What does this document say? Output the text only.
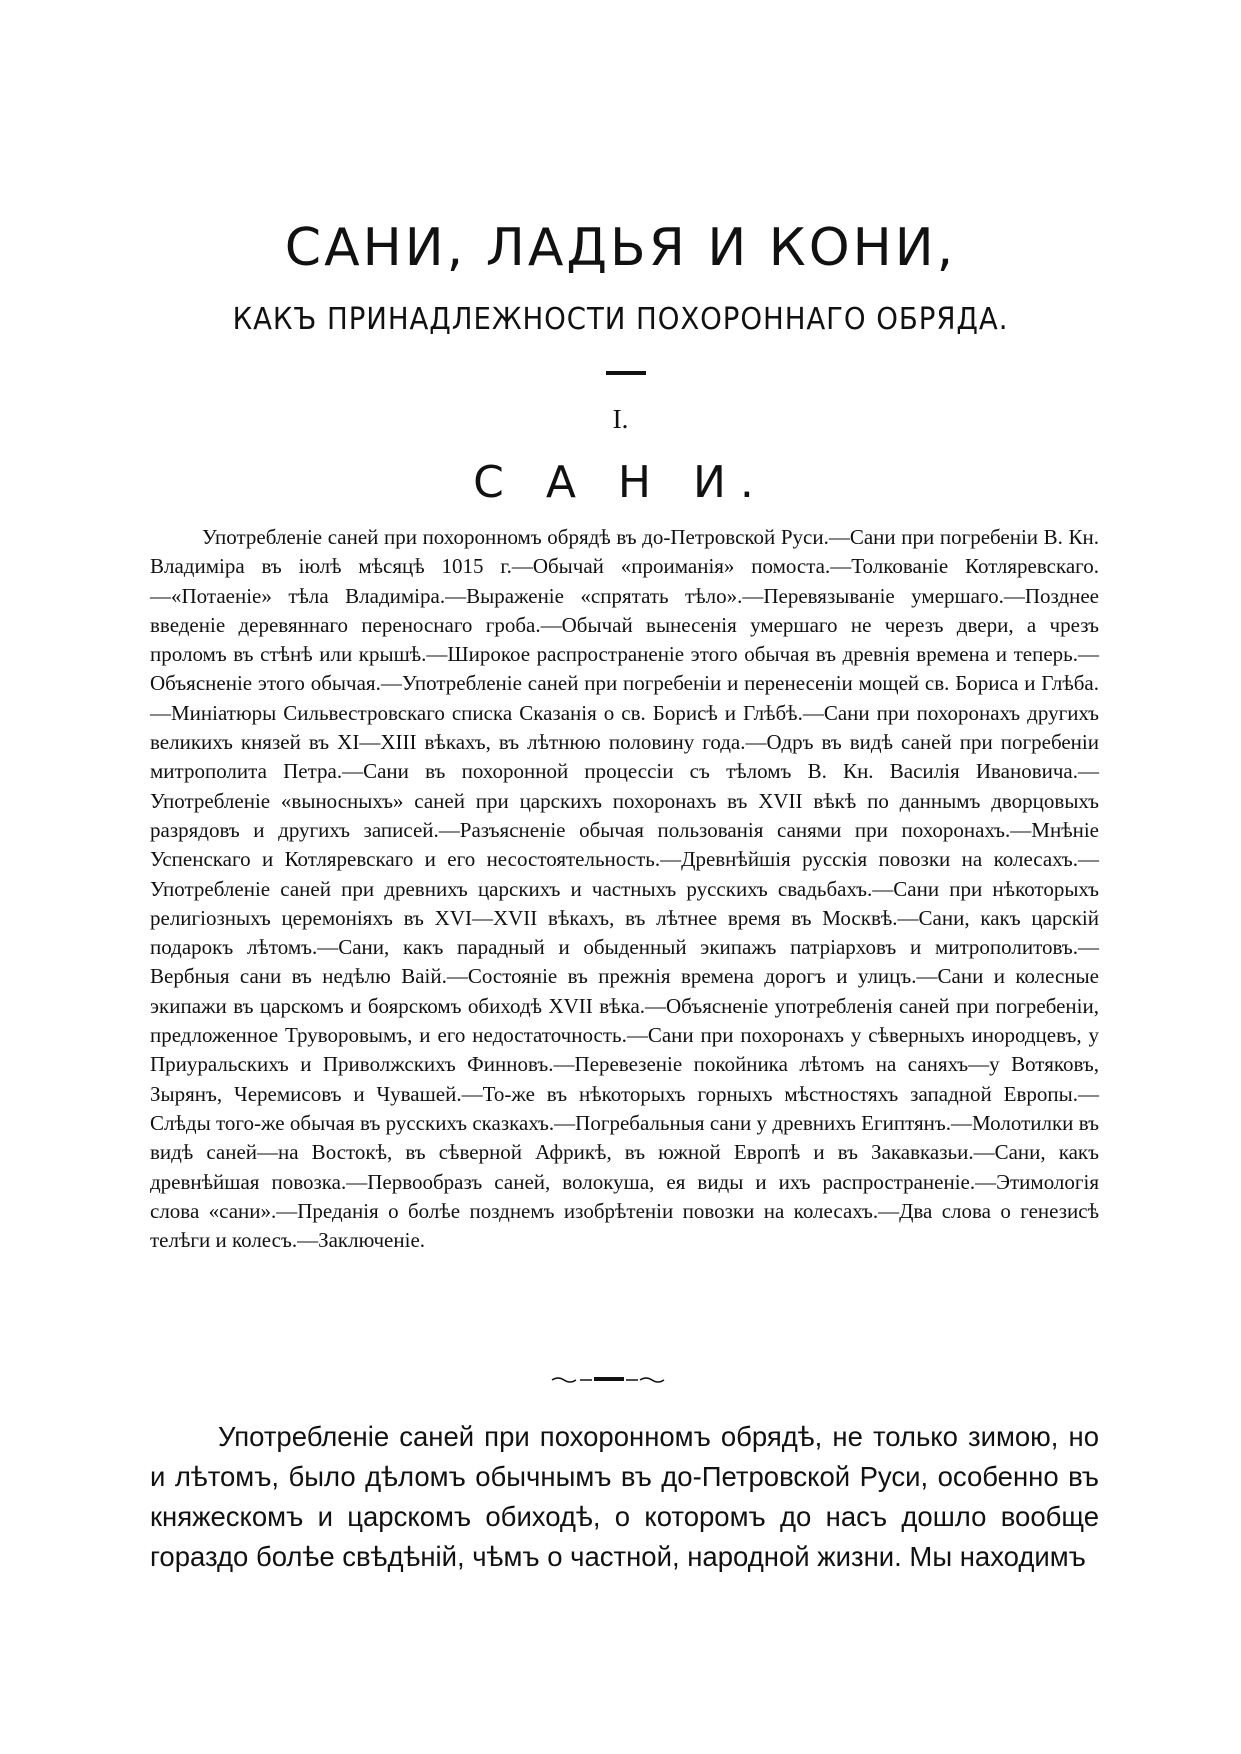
САНИ, ЛАДЬЯ И КОНИ,
КАКЪ ПРИНАДЛЕЖНОСТИ ПОХОРОННАГО ОБРЯДА.
I.
С А Н И.

Употребленіе саней при похоронномъ обрядѣ въ до-Петровской Руси.—Сани при погребеніи В. Кн. Владиміра въ іюлѣ мѣсяцѣ 1015 г.—Обычай «проиманія» помоста.—Толкованіе Котляревскаго.—«Потаеніе» тѣла Владиміра.—Выраженіе «спрятать тѣло».—Перевязываніе умершаго.—Позднее введеніе деревяннаго переноснаго гроба.—Обычай вынесенія умершаго не черезъ двери, а чрезъ проломъ въ стѣнѣ или крышѣ.—Широкое распространеніе этого обычая въ древнія времена и теперь.—Объясненіе этого обычая.—Употребленіе саней при погребеніи и перенесеніи мощей св. Бориса и Глѣба.—Миніатюры Сильвестровскаго списка Сказанія о св. Борисѣ и Глѣбѣ.—Сани при похоронахъ другихъ великихъ князей въ XI—XIII вѣкахъ, въ лѣтнюю половину года.—Одръ въ видѣ саней при погребеніи митрополита Петра.—Сани въ похоронной процессіи съ тѣломъ В. Кн. Василія Ивановича.—Употребленіе «выносныхъ» саней при царскихъ похоронахъ въ XVII вѣкѣ по даннымъ дворцовыхъ разрядовъ и другихъ записей.—Разъясненіе обычая пользованія санями при похоронахъ.—Мнѣніе Успенскаго и Котляревскаго и его несостоятельность.—Древнѣйшія русскія повозки на колесахъ.—Употребленіе саней при древнихъ царскихъ и частныхъ русскихъ свадьбахъ.—Сани при нѣкоторыхъ религіозныхъ церемоніяхъ въ XVI—XVII вѣкахъ, въ лѣтнее время въ Москвѣ.—Сани, какъ царскій подарокъ лѣтомъ.—Сани, какъ парадный и обыденный экипажъ патріарховъ и митрополитовъ.—Вербныя сани въ недѣлю Ваій.—Состояніе въ прежнія времена дорогъ и улицъ.—Сани и колесные экипажи въ царскомъ и боярскомъ обиходѣ XVII вѣка.—Объясненіе употребленія саней при погребеніи, предложенное Труворовымъ, и его недостаточность.—Сани при похоронахъ у сѣверныхъ инородцевъ, у Приуральскихъ и Приволжскихъ Финновъ.—Перевезеніе покойника лѣтомъ на саняхъ—у Вотяковъ, Зырянъ, Черемисовъ и Чувашей.—То-же въ нѣкоторыхъ горныхъ мѣстностяхъ западной Европы.—Слѣды того-же обычая въ русскихъ сказкахъ.—Погребальныя сани у древнихъ Египтянъ.—Молотилки въ видѣ саней—на Востокѣ, въ сѣверной Африкѣ, въ южной Европѣ и въ Закавказьи.—Сани, какъ древнѣйшая повозка.—Первообразъ саней, волокуша, ея виды и ихъ распространеніе.—Этимологія слова «сани».—Преданія о болѣе позднемъ изобрѣтеніи повозки на колесахъ.—Два слова о генезисѣ телѣги и колесъ.—Заключеніе.

Употребленіе саней при похоронномъ обрядѣ, не только зимою, но и лѣтомъ, было дѣломъ обычнымъ въ до-Петровской Руси, особенно въ княжескомъ и царскомъ обиходѣ, о которомъ до насъ дошло вообще гораздо болѣе свѣдѣній, чѣмъ о частной, народной жизни. Мы находимъ
